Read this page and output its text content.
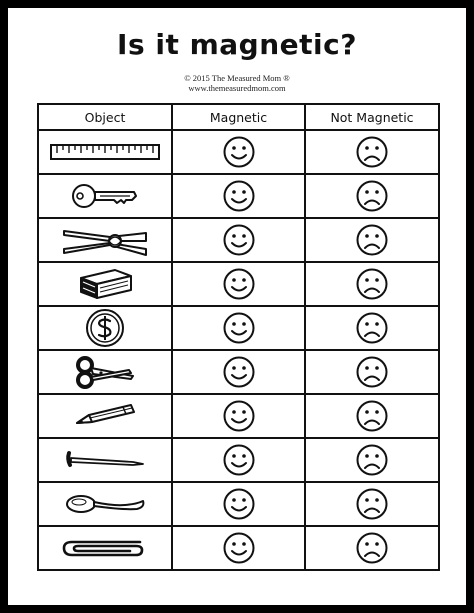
Is it magnetic?
© 2015 The Measured Mom ®
www.themeasuredmom.com
Object	Magnetic	Not Magnetic
